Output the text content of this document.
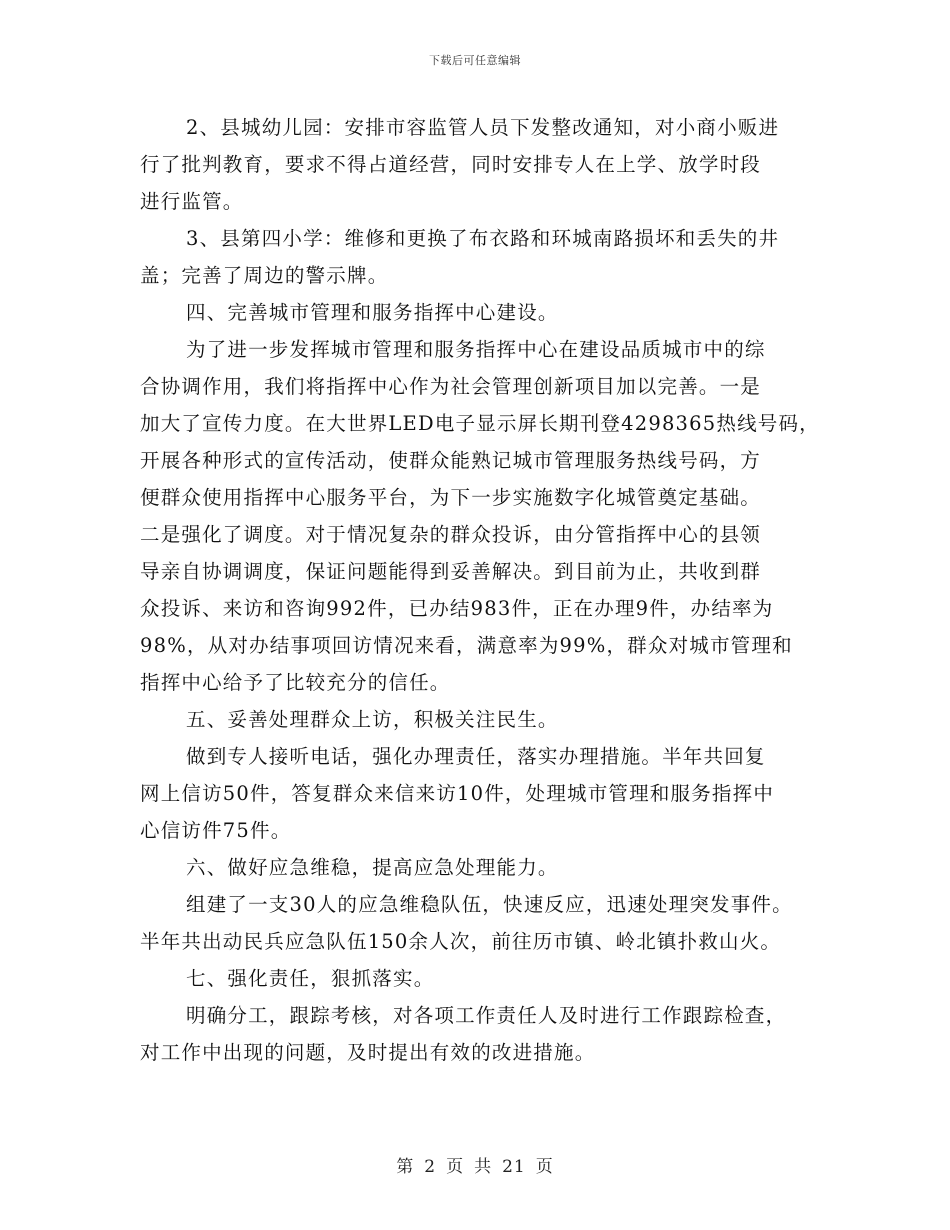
下载后可任意编辑
2、县城幼儿园：安排市容监管人员下发整改通知，对小商小贩进
行了批判教育，要求不得占道经营，同时安排专人在上学、放学时段
进行监管。
3、县第四小学：维修和更换了布衣路和环城南路损坏和丢失的井
盖；完善了周边的警示牌。
四、完善城市管理和服务指挥中心建设。
为了进一步发挥城市管理和服务指挥中心在建设品质城市中的综
合协调作用，我们将指挥中心作为社会管理创新项目加以完善。一是
加大了宣传力度。在大世界LED电子显示屏长期刊登4298365热线号码，
开展各种形式的宣传活动，使群众能熟记城市管理服务热线号码，方
便群众使用指挥中心服务平台，为下一步实施数字化城管奠定基础。
二是强化了调度。对于情况复杂的群众投诉，由分管指挥中心的县领
导亲自协调调度，保证问题能得到妥善解决。到目前为止，共收到群
众投诉、来访和咨询992件，已办结983件，正在办理9件，办结率为
98%，从对办结事项回访情况来看，满意率为99%，群众对城市管理和
指挥中心给予了比较充分的信任。
五、妥善处理群众上访，积极关注民生。
做到专人接听电话，强化办理责任，落实办理措施。半年共回复
网上信访50件，答复群众来信来访10件，处理城市管理和服务指挥中
心信访件75件。
六、做好应急维稳，提高应急处理能力。
组建了一支30人的应急维稳队伍，快速反应，迅速处理突发事件。
半年共出动民兵应急队伍150余人次，前往历市镇、岭北镇扑救山火。
七、强化责任，狠抓落实。
明确分工，跟踪考核，对各项工作责任人及时进行工作跟踪检查，
对工作中出现的问题，及时提出有效的改进措施。
第 2 页 共 21 页
